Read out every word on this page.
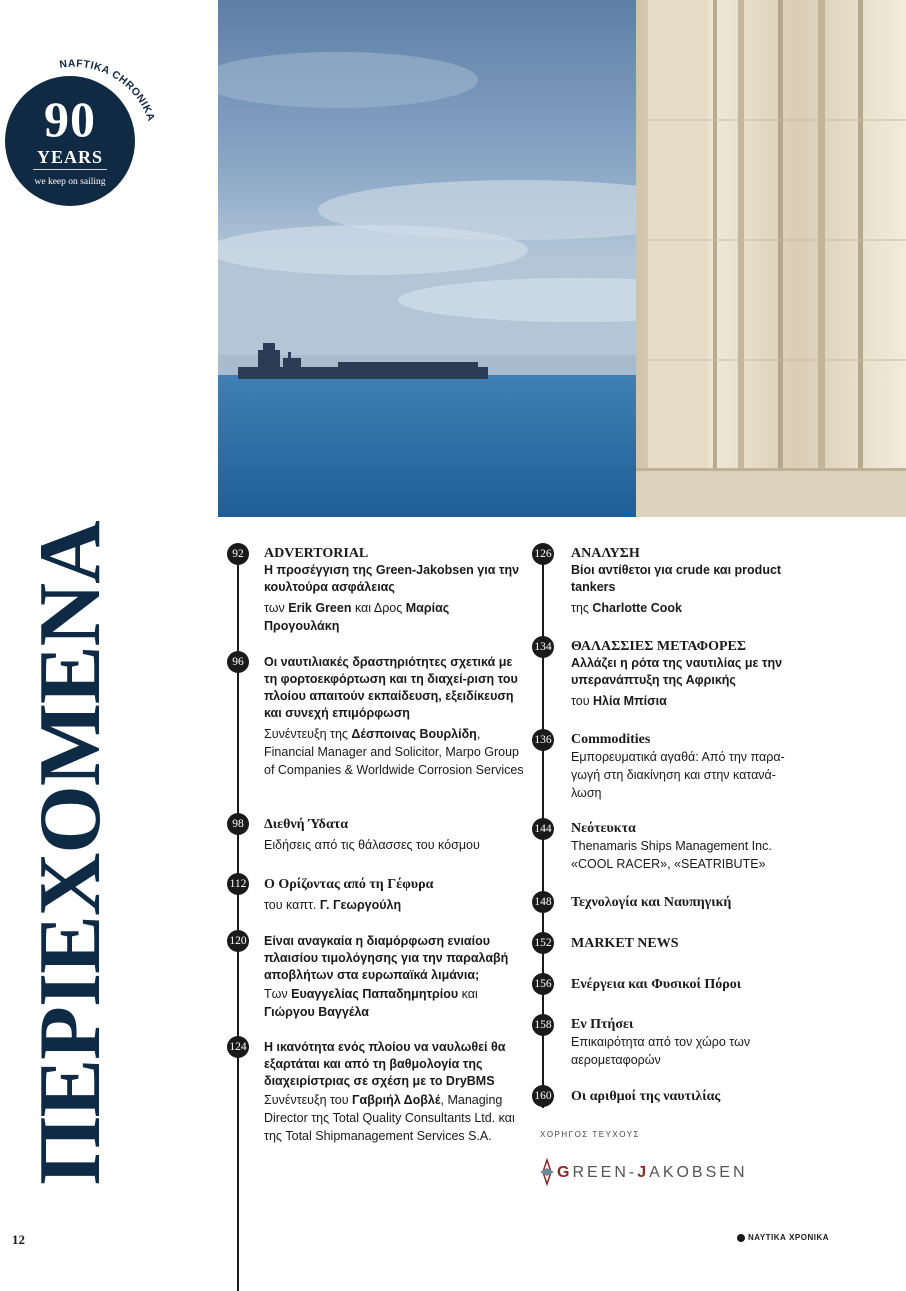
NAFTIKA CHRONIKA
90
YEARS
we keep on sailing
ΠΕΡΙΕΧΟΜΕΝΑ	92	ADVERTORIAL

Η προσέγγιση της Green-Jakobsen για την κουλτούρα ασφάλειας

των Erik Green και Δρος Μαρίας Προγουλάκη

96	Οι ναυτιλιακές δραστηριότητες σχετικά με τη φορτοεκφόρτωση και τη διαχεί-ριση του πλοίου απαιτούν εκπαίδευση, εξειδίκευση και συνεχή επιμόρφωση

Συνέντευξη της Δέσποινας Βουρλίδη, Financial Manager and Solicitor, Marpo Group of Companies & Worldwide Corrosion Services

98	Διεθνή Ύδατα

Ειδήσεις από τις θάλασσες του κόσμου

112 Ο Ορίζοντας από τη Γέφυρα

του καπτ. Γ. Γεωργούλη

120 Είναι αναγκαία η διαμόρφωση ενιαίου πλαισίου τιμολόγησης για την παραλαβή αποβλήτων στα ευρωπαϊκά λιμάνια;

Των Ευαγγελίας Παπαδημητρίου και Γιώργου Βαγγέλα

124 Η ικανότητα ενός πλοίου να ναυλωθεί θα εξαρτάται και από τη βαθμολογία της διαχειρίστριας σε σχέση με το DryBMS

Συνέντευξη του Γαβριήλ Δοβλέ, Managing Director της Total Quality Consultants Ltd. και της Total Shipmanagement Services S.A.

126 ΑΝΑΛΥΣΗ

Βίοι αντίθετοι για crude και product tankers

της Charlotte Cook

134 ΘΑΛΑΣΣΙΕΣ ΜΕΤΑΦΟΡΕΣ

Αλλάζει η ρότα της ναυτιλίας με την υπερανάπτυξη της Αφρικής

του Ηλία Μπίσια

136 Commodities

Εμπορευματικά αγαθά: Από την παρα-γωγή στη διακίνηση και στην κατανά-λωση

144 Νεότευκτα

Thenamaris Ships Management Inc. «COOL RACER», «SEATRIBUTE»

148 Τεχνολογία και Ναυπηγική

152 MARKET NEWS

156 Ενέργεια και Φυσικοί Πόροι

158 Εν Πτήσει

Επικαιρότητα από τον χώρο των αερομεταφορών

160 Οι αριθμοί της ναυτιλίας

ΧΟΡΗΓΟΣ ΤΕΥΧΟΥΣ
GREEN-JAKOBSEN
12	ΝΑΥΤΙΚΑ ΧΡΟΝΙΚΑ
